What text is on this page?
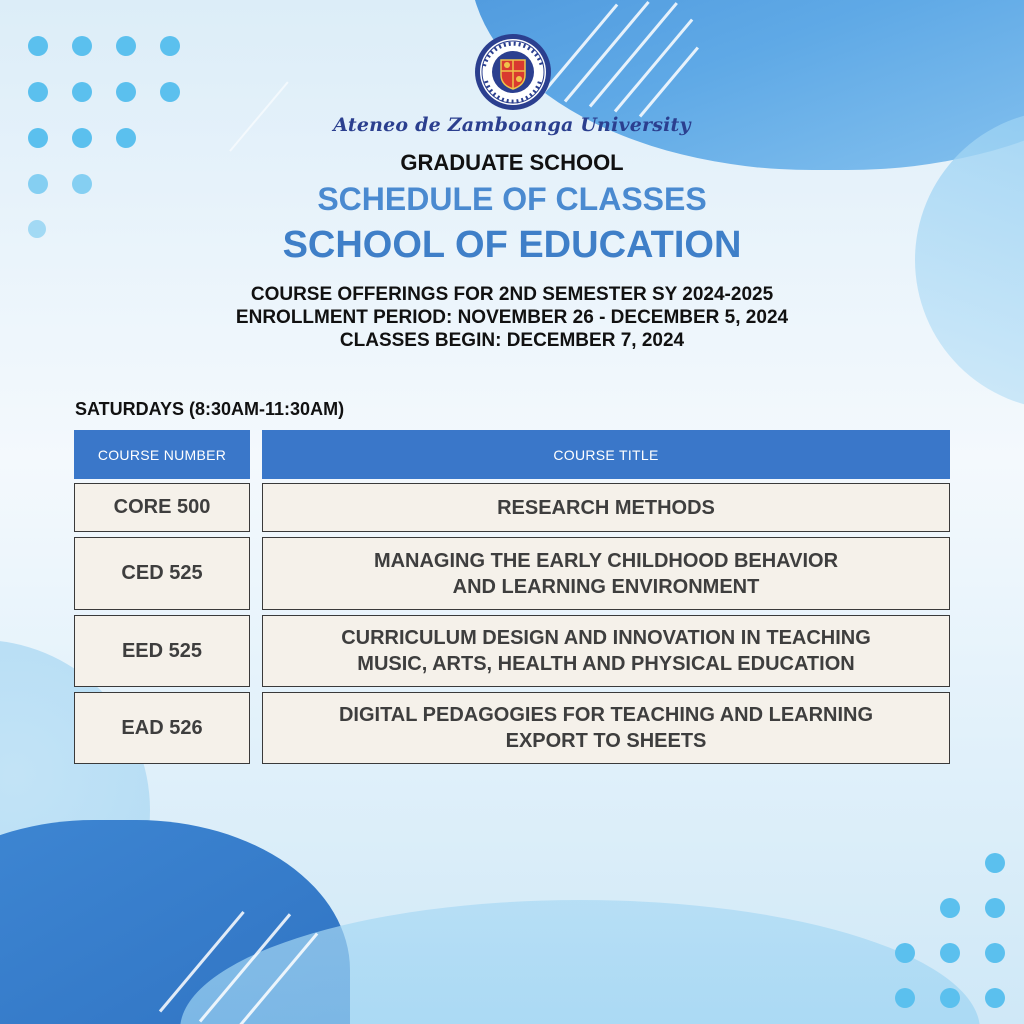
Ateneo de Zamboanga University
GRADUATE SCHOOL
SCHEDULE OF CLASSES
SCHOOL OF EDUCATION
COURSE OFFERINGS FOR 2ND SEMESTER SY 2024-2025
ENROLLMENT PERIOD: NOVEMBER 26 - DECEMBER 5, 2024
CLASSES BEGIN: DECEMBER 7, 2024
SATURDAYS (8:30AM-11:30AM)
COURSE NUMBER	COURSE TITLE
CORE 500	RESEARCH METHODS
CED 525
MANAGING THE EARLY CHILDHOOD BEHAVIOR
AND LEARNING ENVIRONMENT
EED 525
CURRICULUM DESIGN AND INNOVATION IN TEACHING
MUSIC, ARTS, HEALTH AND PHYSICAL EDUCATION
EAD 526
DIGITAL PEDAGOGIES FOR TEACHING AND LEARNING
EXPORT TO SHEETS
